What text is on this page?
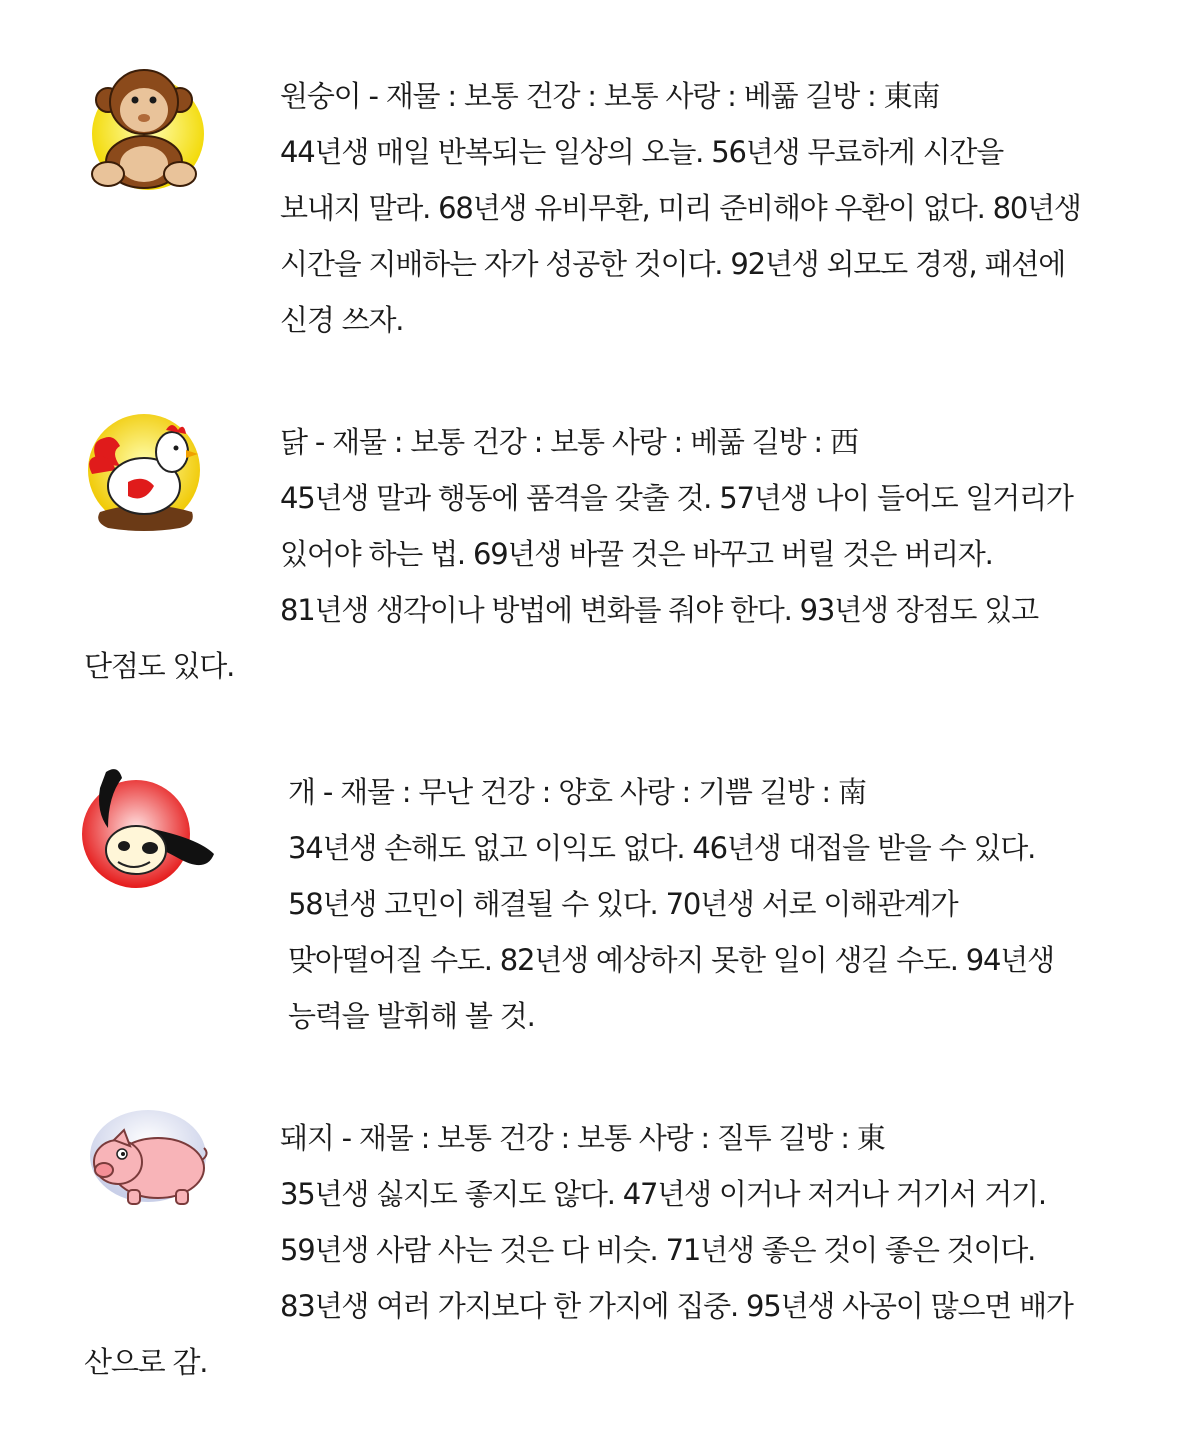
원숭이 - 재물 : 보통 건강 : 보통 사랑 : 베풂 길방 : 東南
44년생 매일 반복되는 일상의 오늘. 56년생 무료하게 시간을
보내지 말라. 68년생 유비무환, 미리 준비해야 우환이 없다. 80년생
시간을 지배하는 자가 성공한 것이다. 92년생 외모도 경쟁, 패션에
신경 쓰자.
닭 - 재물 : 보통 건강 : 보통 사랑 : 베풂 길방 : 西
45년생 말과 행동에 품격을 갖출 것. 57년생 나이 들어도 일거리가
있어야 하는 법. 69년생 바꿀 것은 바꾸고 버릴 것은 버리자.
81년생 생각이나 방법에 변화를 줘야 한다. 93년생 장점도 있고
단점도 있다.
개 - 재물 : 무난 건강 : 양호 사랑 : 기쁨 길방 : 南
34년생 손해도 없고 이익도 없다. 46년생 대접을 받을 수 있다.
58년생 고민이 해결될 수 있다. 70년생 서로 이해관계가
맞아떨어질 수도. 82년생 예상하지 못한 일이 생길 수도. 94년생
능력을 발휘해 볼 것.
돼지 - 재물 : 보통 건강 : 보통 사랑 : 질투 길방 : 東
35년생 싫지도 좋지도 않다. 47년생 이거나 저거나 거기서 거기.
59년생 사람 사는 것은 다 비슷. 71년생 좋은 것이 좋은 것이다.
83년생 여러 가지보다 한 가지에 집중. 95년생 사공이 많으면 배가
산으로 감.
